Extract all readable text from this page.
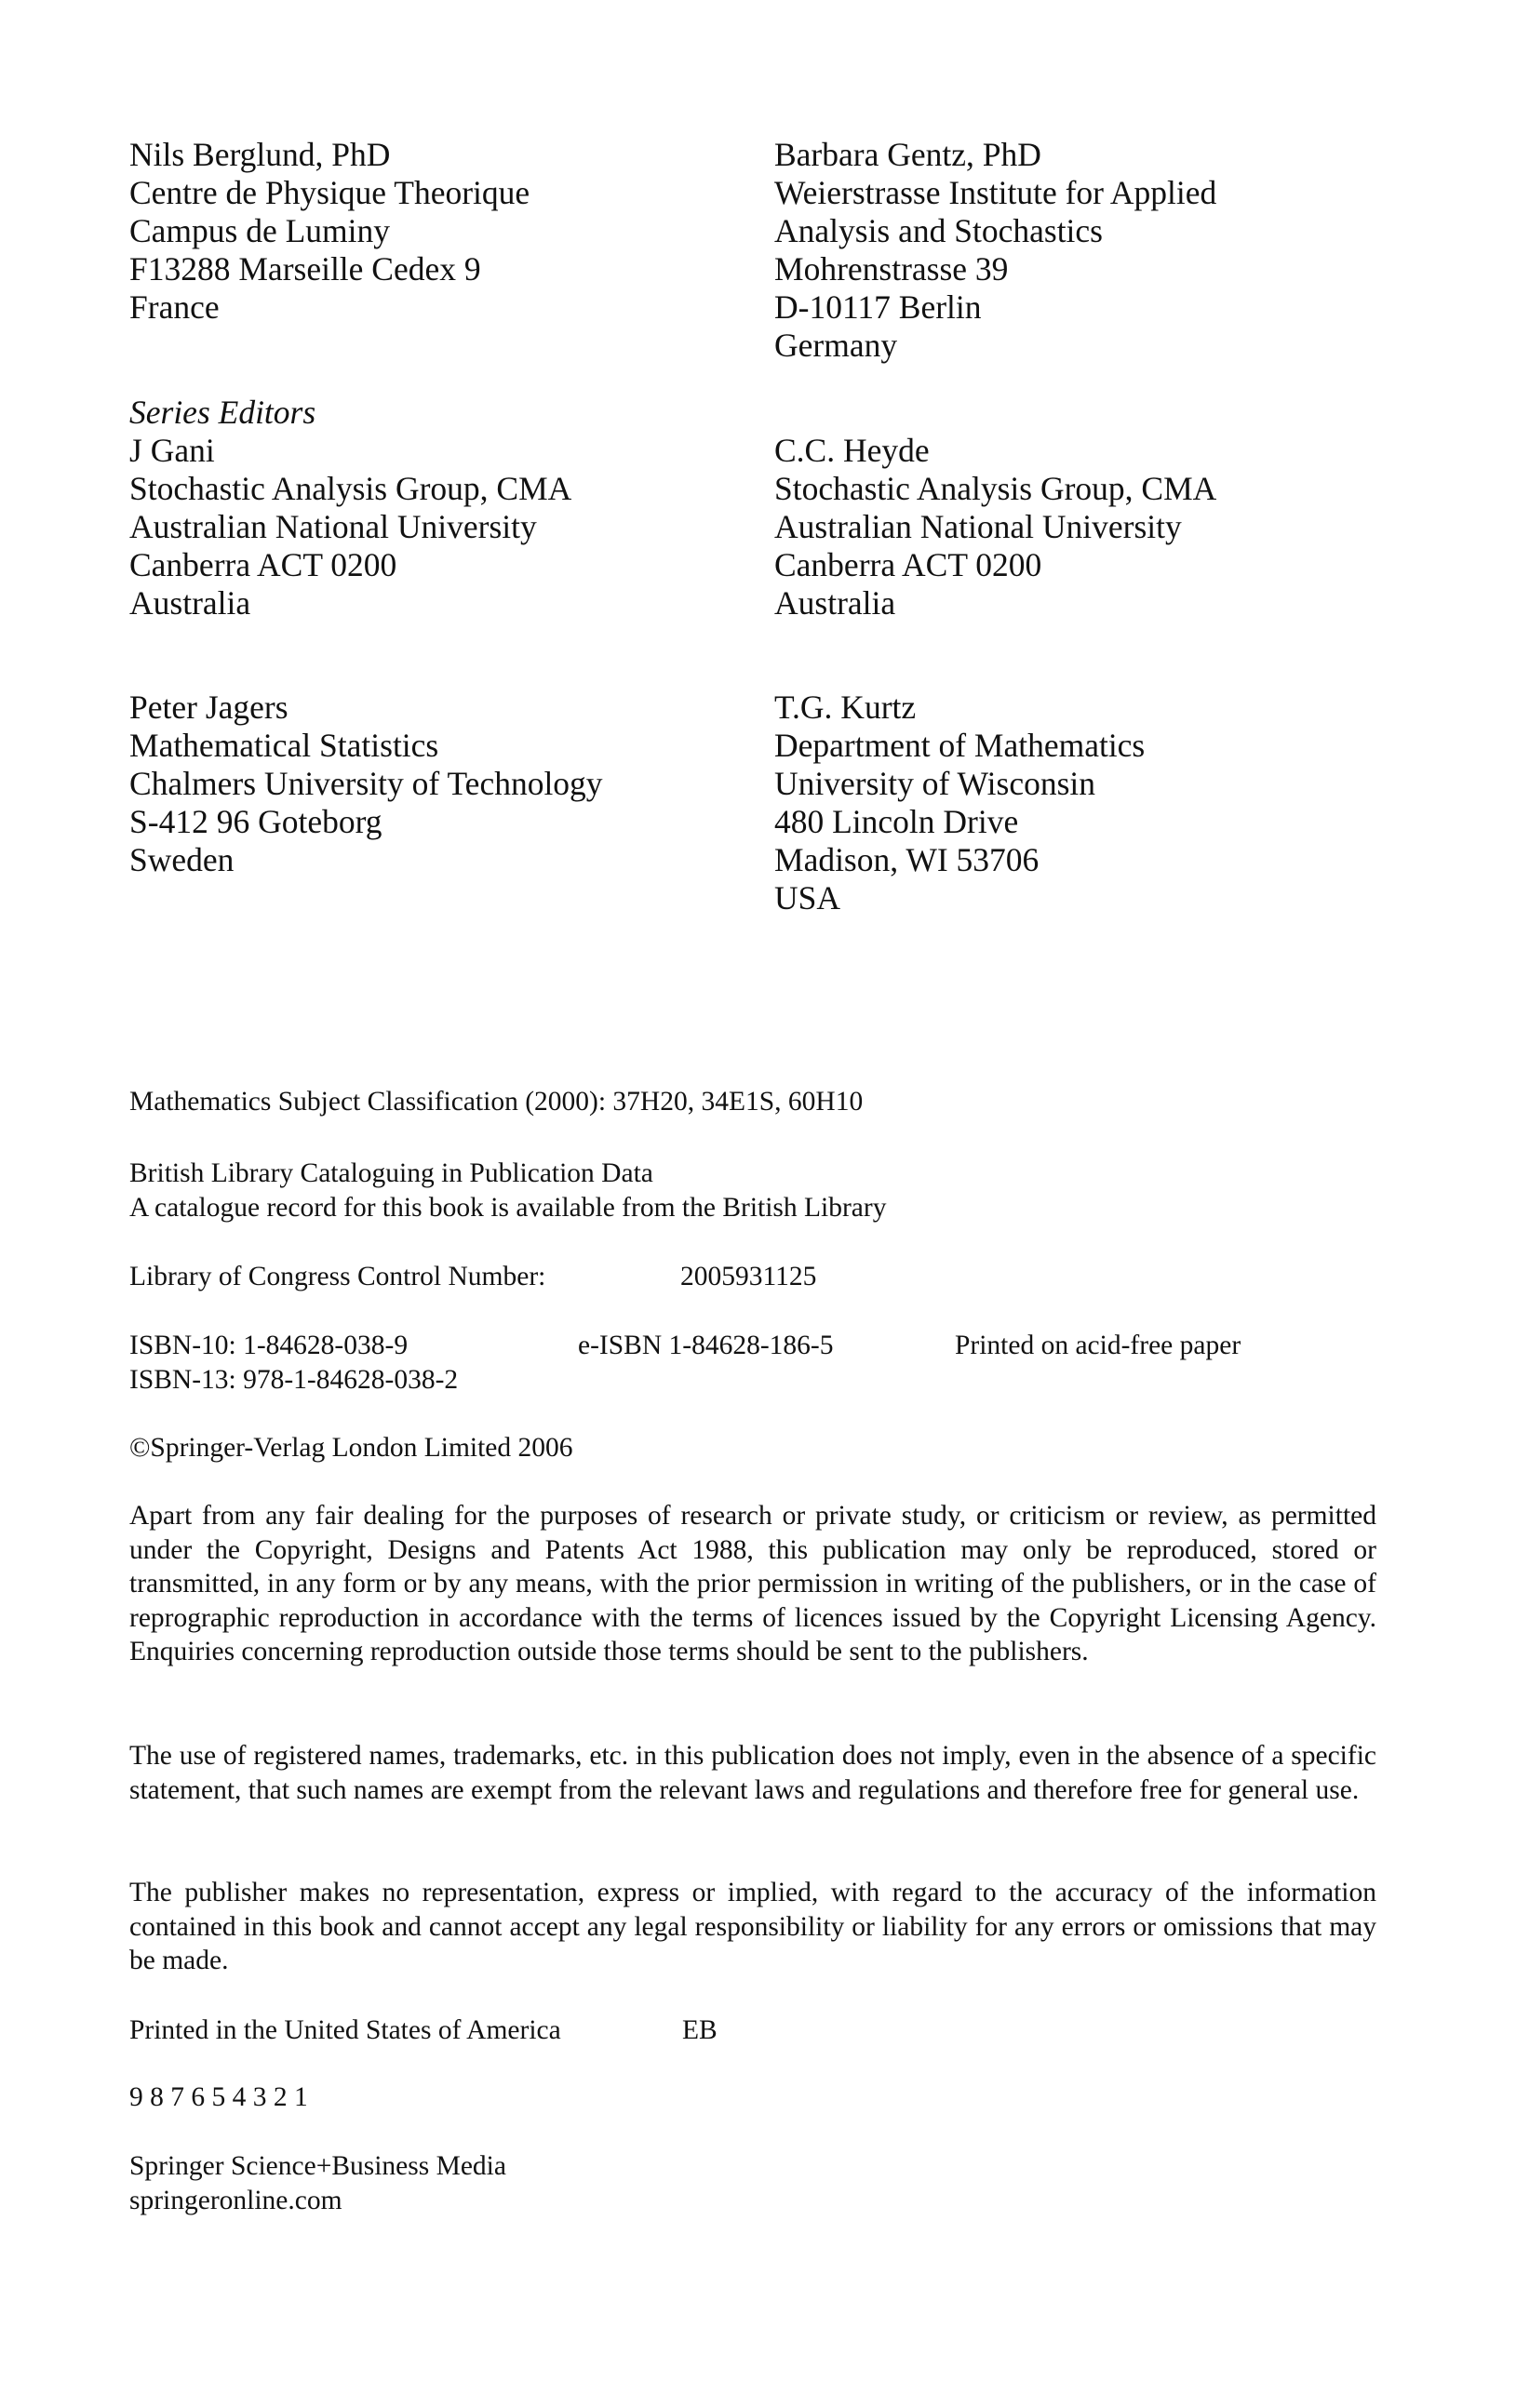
Nils Berglund, PhD
Centre de Physique Theorique
Campus de Luminy
F13288 Marseille Cedex 9
France
Barbara Gentz, PhD
Weierstrasse Institute for Applied
Analysis and Stochastics
Mohrenstrasse 39
D-10117 Berlin
Germany
Series Editors
J Gani
Stochastic Analysis Group, CMA
Australian National University
Canberra ACT 0200
Australia
C.C. Heyde
Stochastic Analysis Group, CMA
Australian National University
Canberra ACT 0200
Australia
Peter Jagers
Mathematical Statistics
Chalmers University of Technology
S-412 96 Goteborg
Sweden
T.G. Kurtz
Department of Mathematics
University of Wisconsin
480 Lincoln Drive
Madison, WI 53706
USA
Mathematics Subject Classification (2000): 37H20, 34E1S, 60H10
British Library Cataloguing in Publication Data
A catalogue record for this book is available from the British Library
Library of Congress Control Number:	2005931125
ISBN-10: 1-84628-038-9	e-ISBN 1-84628-186-5	Printed on acid-free paper
ISBN-13: 978-1-84628-038-2
©Springer-Verlag London Limited 2006

Apart from any fair dealing for the purposes of research or private study, or criticism or review, as permitted under the Copyright, Designs and Patents Act 1988, this publication may only be reproduced, stored or transmitted, in any form or by any means, with the prior permission in writing of the publishers, or in the case of reprographic reproduction in accordance with the terms of licences issued by the Copyright Licensing Agency. Enquiries concerning reproduction outside those terms should be sent to the publishers.

The use of registered names, trademarks, etc. in this publication does not imply, even in the absence of a specific statement, that such names are exempt from the relevant laws and regulations and therefore free for general use.

The publisher makes no representation, express or implied, with regard to the accuracy of the information contained in this book and cannot accept any legal responsibility or liability for any errors or omissions that may be made.

Printed in the United States of America	EB
9 8 7 6 5 4 3 2 1
Springer Science+Business Media
springeronline.com
